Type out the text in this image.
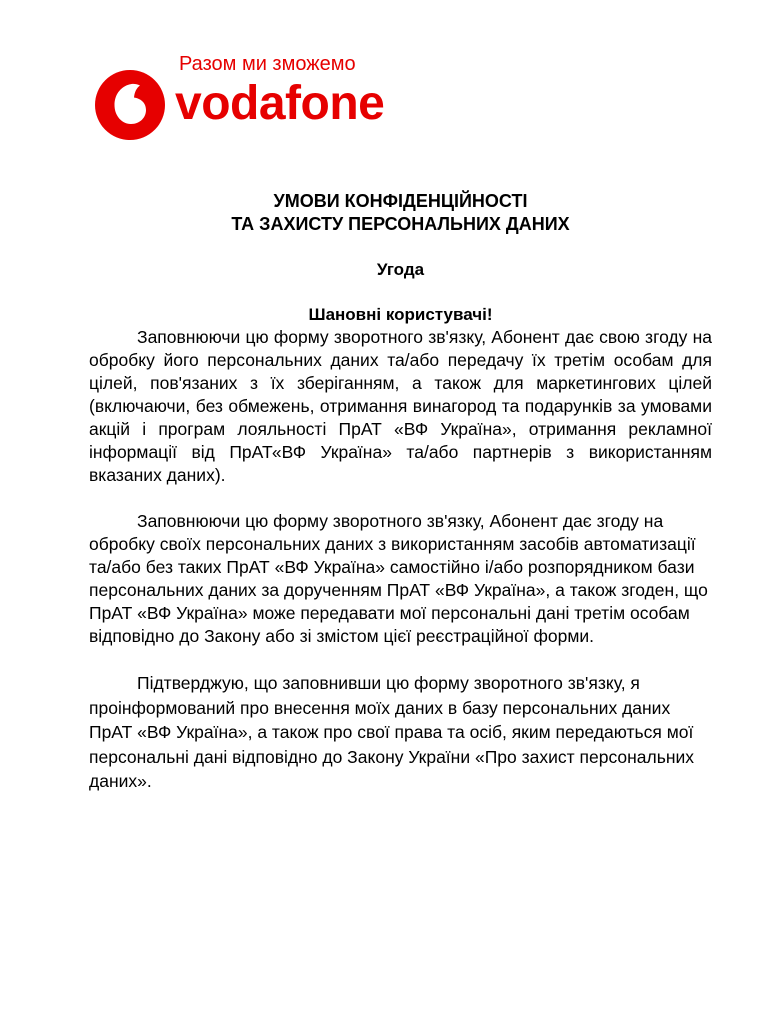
Разом ми зможемо
vodafone

УМОВИ КОНФІДЕНЦІЙНОСТІ
ТА ЗАХИСТУ ПЕРСОНАЛЬНИХ ДАНИХ

Угода

Шановні користувачі!

Заповнюючи цю форму зворотного зв'язку, Абонент дає свою згоду на обробку його персональних даних та/або передачу їх третім особам для цілей, пов'язаних з їх зберіганням, а також для маркетингових цілей (включаючи, без обмежень, отримання винагород та подарунків за умовами акцій і програм лояльності ПрАТ «ВФ Україна», отримання рекламної інформації від ПрАТ«ВФ Україна» та/або партнерів з використанням вказаних даних).

Заповнюючи цю форму зворотного зв'язку, Абонент дає згоду на обробку своїх персональних даних з використанням засобів автоматизації та/або без таких ПрАТ «ВФ Україна» самостійно і/або розпорядником бази персональних даних за дорученням ПрАТ «ВФ Україна», а також згоден, що ПрАТ «ВФ Україна» може передавати мої персональні дані третім особам відповідно до Закону або зі змістом цієї реєстраційної форми.

Підтверджую, що заповнивши цю форму зворотного зв'язку, я проінформований про внесення моїх даних в базу персональних даних ПрАТ «ВФ Україна», а також про свої права та осіб, яким передаються мої персональні дані відповідно до Закону України «Про захист персональних даних».
